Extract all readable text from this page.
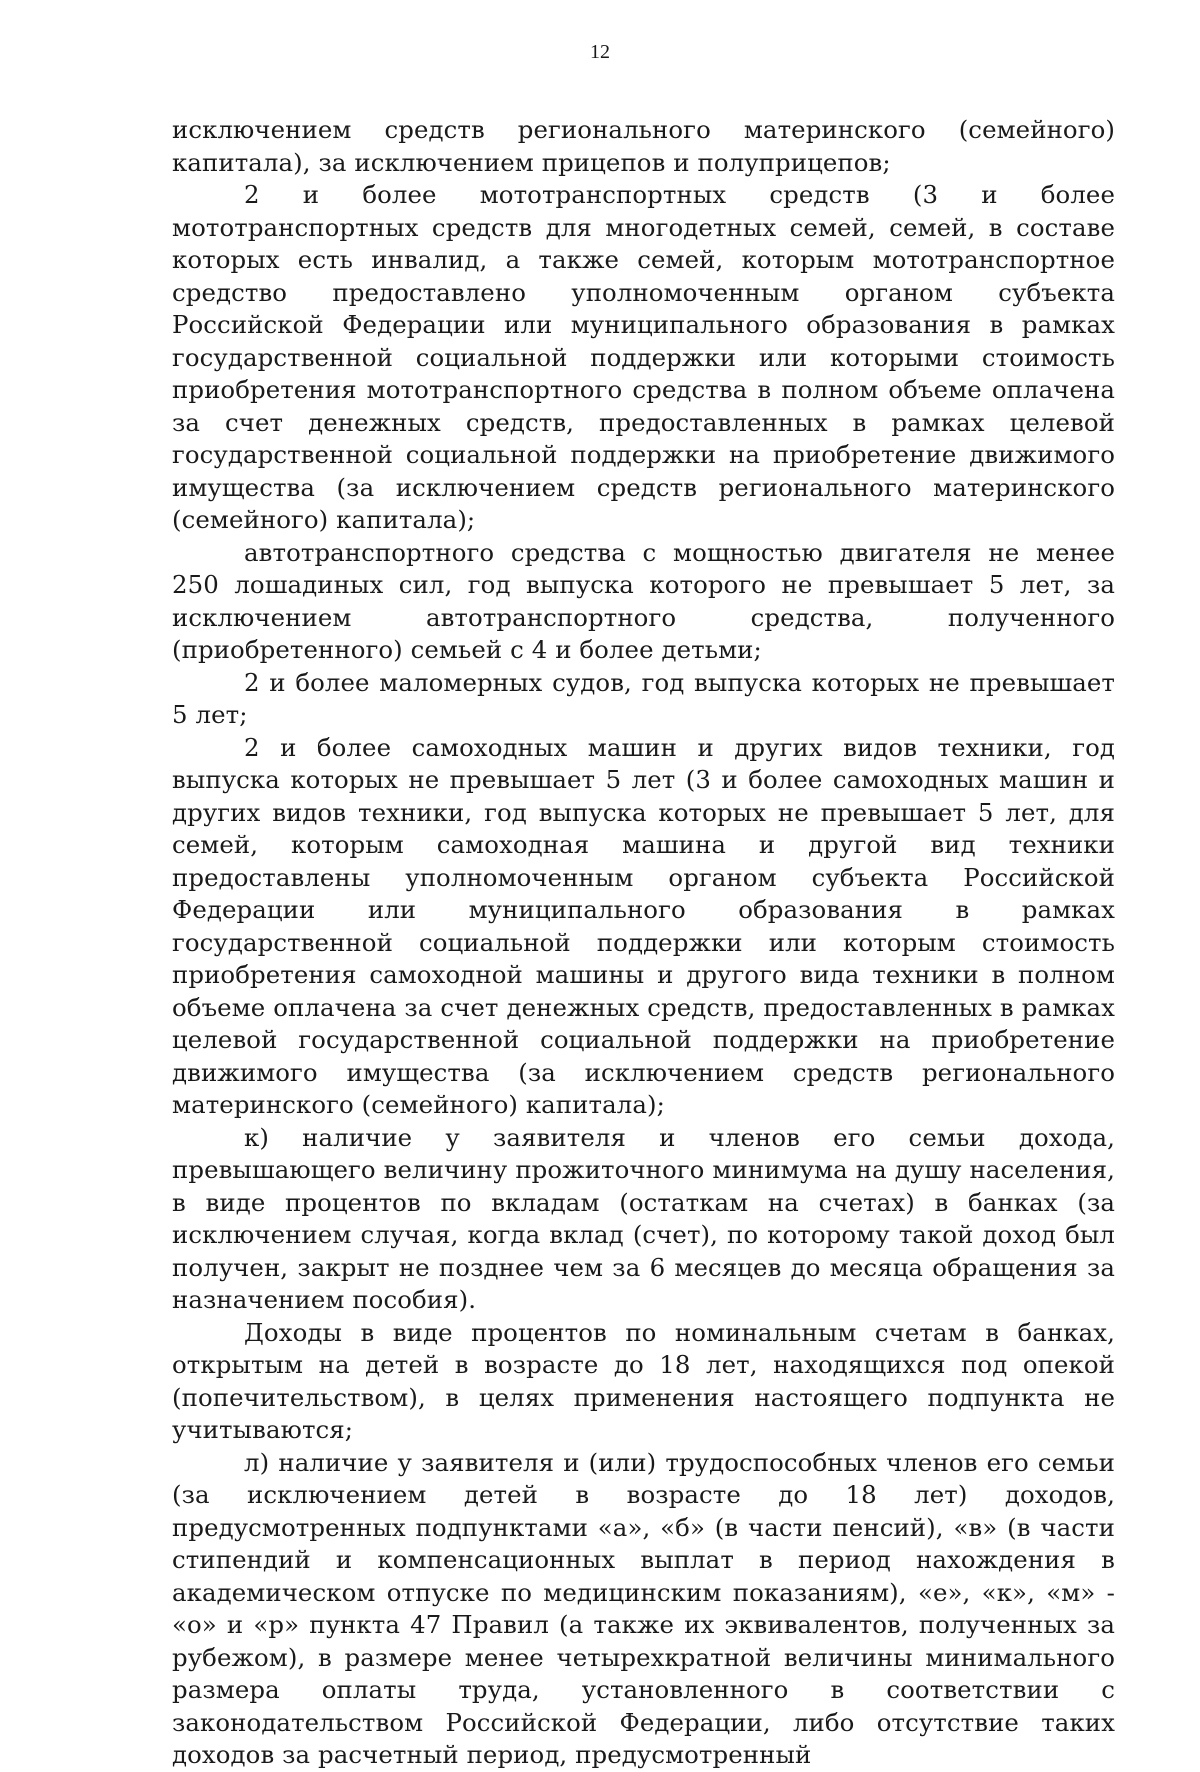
12

исключением средств регионального материнского (семейного) капитала), за исключением прицепов и полуприцепов;

2 и более мототранспортных средств (3 и более мототранспортных средств для многодетных семей, семей, в составе которых есть инвалид, а также семей, которым мототранспортное средство предоставлено уполномоченным органом субъекта Российской Федерации или муниципального образования в рамках государственной социальной поддержки или которыми стоимость приобретения мототранспортного средства в полном объеме оплачена за счет денежных средств, предоставленных в рамках целевой государственной социальной поддержки на приобретение движимого имущества (за исключением средств регионального материнского (семейного) капитала);

автотранспортного средства с мощностью двигателя не менее 250 лошадиных сил, год выпуска которого не превышает 5 лет, за исключением автотранспортного средства, полученного (приобретенного) семьей с 4 и более детьми;

2 и более маломерных судов, год выпуска которых не превышает 5 лет;

2 и более самоходных машин и других видов техники, год выпуска которых не превышает 5 лет (3 и более самоходных машин и других видов техники, год выпуска которых не превышает 5 лет, для семей, которым самоходная машина и другой вид техники предоставлены уполномоченным органом субъекта Российской Федерации или муниципального образования в рамках государственной социальной поддержки или которым стоимость приобретения самоходной машины и другого вида техники в полном объеме оплачена за счет денежных средств, предоставленных в рамках целевой государственной социальной поддержки на приобретение движимого имущества (за исключением средств регионального материнского (семейного) капитала);

к) наличие у заявителя и членов его семьи дохода, превышающего величину прожиточного минимума на душу населения, в виде процентов по вкладам (остаткам на счетах) в банках (за исключением случая, когда вклад (счет), по которому такой доход был получен, закрыт не позднее чем за 6 месяцев до месяца обращения за назначением пособия).

Доходы в виде процентов по номинальным счетам в банках, открытым на детей в возрасте до 18 лет, находящихся под опекой (попечительством), в целях применения настоящего подпункта не учитываются;

л) наличие у заявителя и (или) трудоспособных членов его семьи (за исключением детей в возрасте до 18 лет) доходов, предусмотренных подпунктами «а», «б» (в части пенсий), «в» (в части стипендий и компенсационных выплат в период нахождения в академическом отпуске по медицинским показаниям), «е», «к», «м» - «о» и «р» пункта 47 Правил (а также их эквивалентов, полученных за рубежом), в размере менее четырехкратной величины минимального размера оплаты труда, установленного в соответствии с законодательством Российской Федерации, либо отсутствие таких доходов за расчетный период, предусмотренный
